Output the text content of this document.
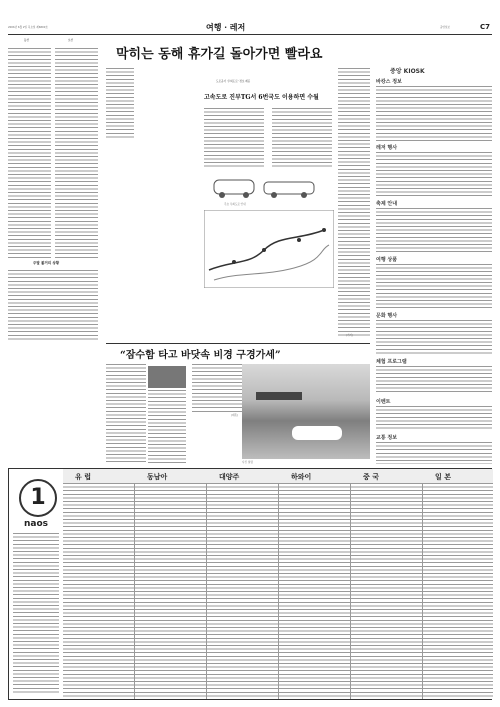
2006년 6월 2일 목요일 제6800호	여행 · 레저	중앙일보	C7
동산	보산
주말 볼거리 상황
막히는 동해 휴가길 돌아가면 빨라요
도로공사 ‘우회도로’ 정보 제공
고속도로 진부TG서 6번국도 이용하면 수월
주요 우회도로 안내
(기자)
“잠수함 타고 바닷속 비경 구경가세”
(제휴)
사진 설명
중앙 KIOSK
바캉스 정보
레저 행사
축제 안내
여행 상품
문화 행사
체험 프로그램
이벤트
교통 정보
1
naos
유 럽	동남아	대양주	하와이	중 국	일 본
